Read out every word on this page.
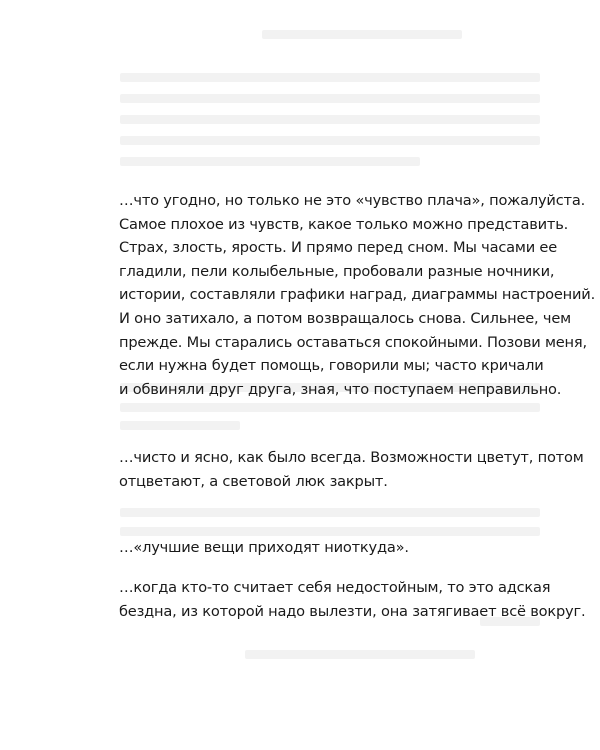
…что угодно, но только не это «чувство плача», пожалуйста.
Самое плохое из чувств, какое только можно представить.
Страх, злость, ярость. И прямо перед сном. Мы часами ее
гладили, пели колыбельные, пробовали разные ночники,
истории, составляли графики наград, диаграммы настроений.
И оно затихало, а потом возвращалось снова. Сильнее, чем
прежде. Мы старались оставаться спокойными. Позови меня,
если нужна будет помощь, говорили мы; часто кричали
и обвиняли друг друга, зная, что поступаем неправильно.
…чисто и ясно, как было всегда. Возможности цветут, потом
отцветают, а световой люк закрыт.
…«лучшие вещи приходят ниоткуда».
…когда кто-то считает себя недостойным, то это адская
бездна, из которой надо вылезти, она затягивает всё вокруг.
